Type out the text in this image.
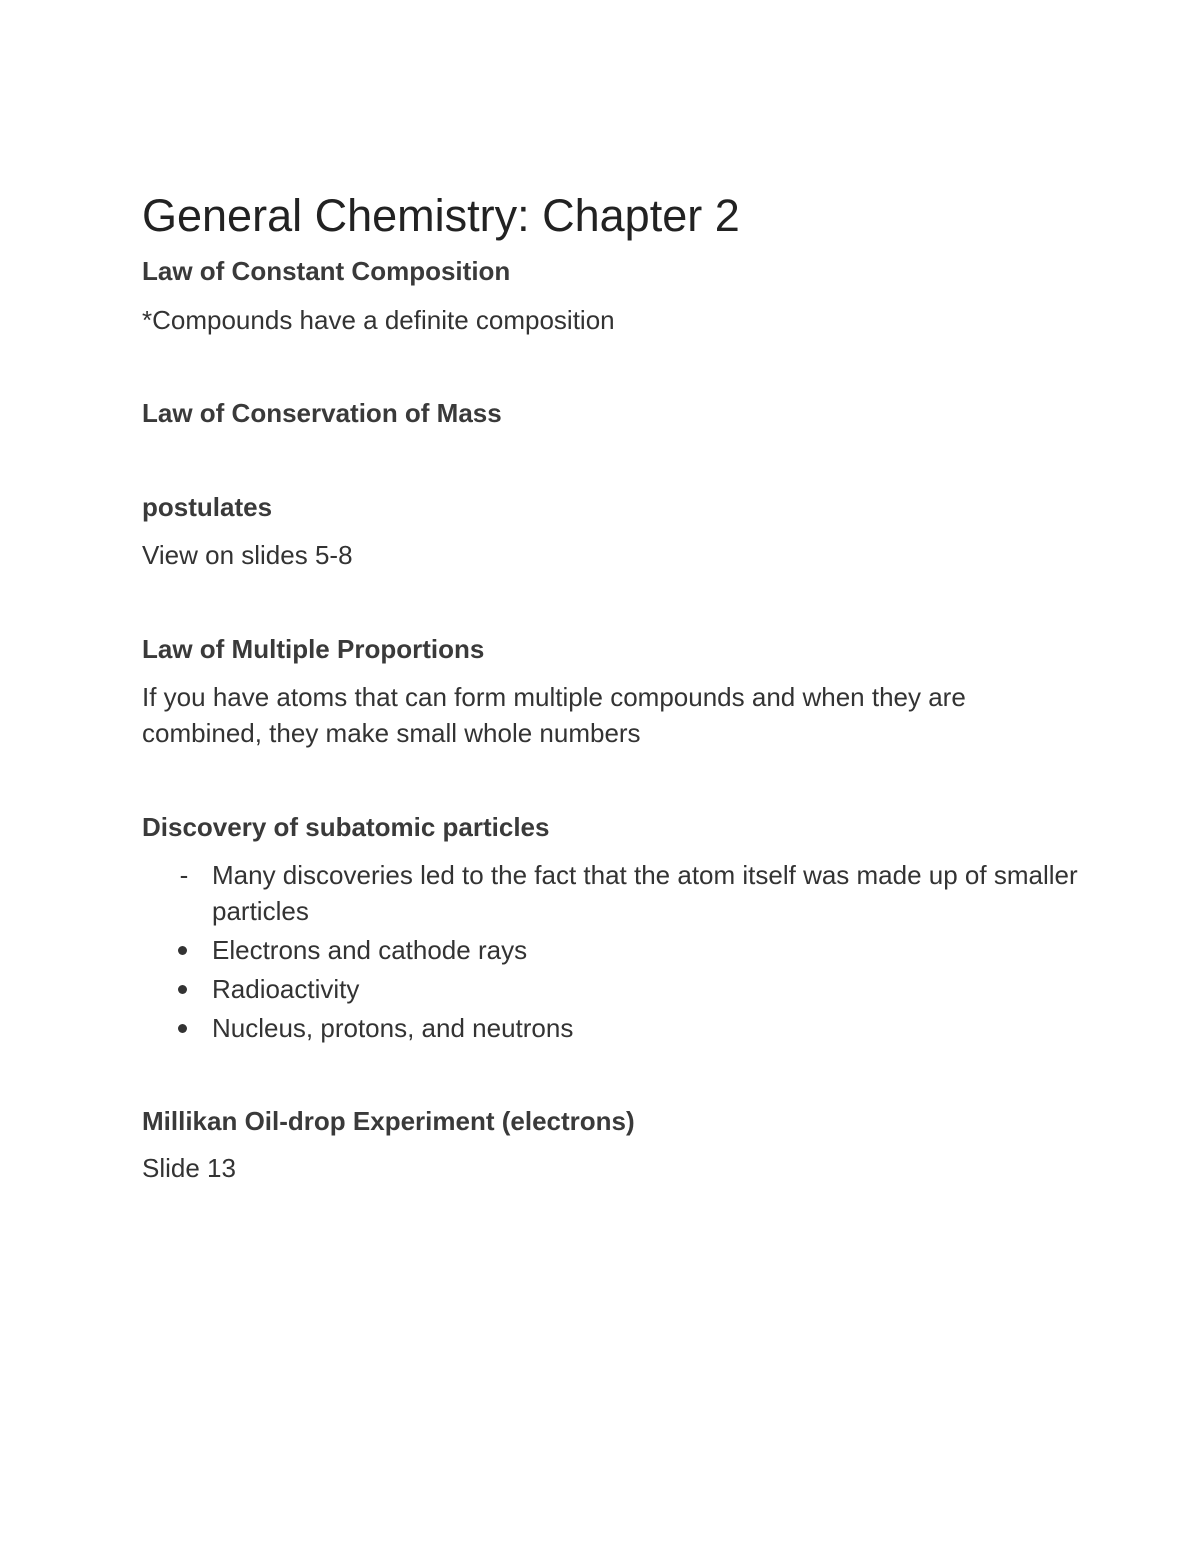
General Chemistry: Chapter 2
Law of Constant Composition

*Compounds have a definite composition

Law of Conservation of Mass
postulates

View on slides 5-8

Law of Multiple Proportions

If you have atoms that can form multiple compounds and when they are combined, they make small whole numbers

Discovery of subatomic particles
- Many discoveries led to the fact that the atom itself was made up of smaller particles
Electrons and cathode rays
Radioactivity
Nucleus, protons, and neutrons
Millikan Oil-drop Experiment (electrons)

Slide 13
